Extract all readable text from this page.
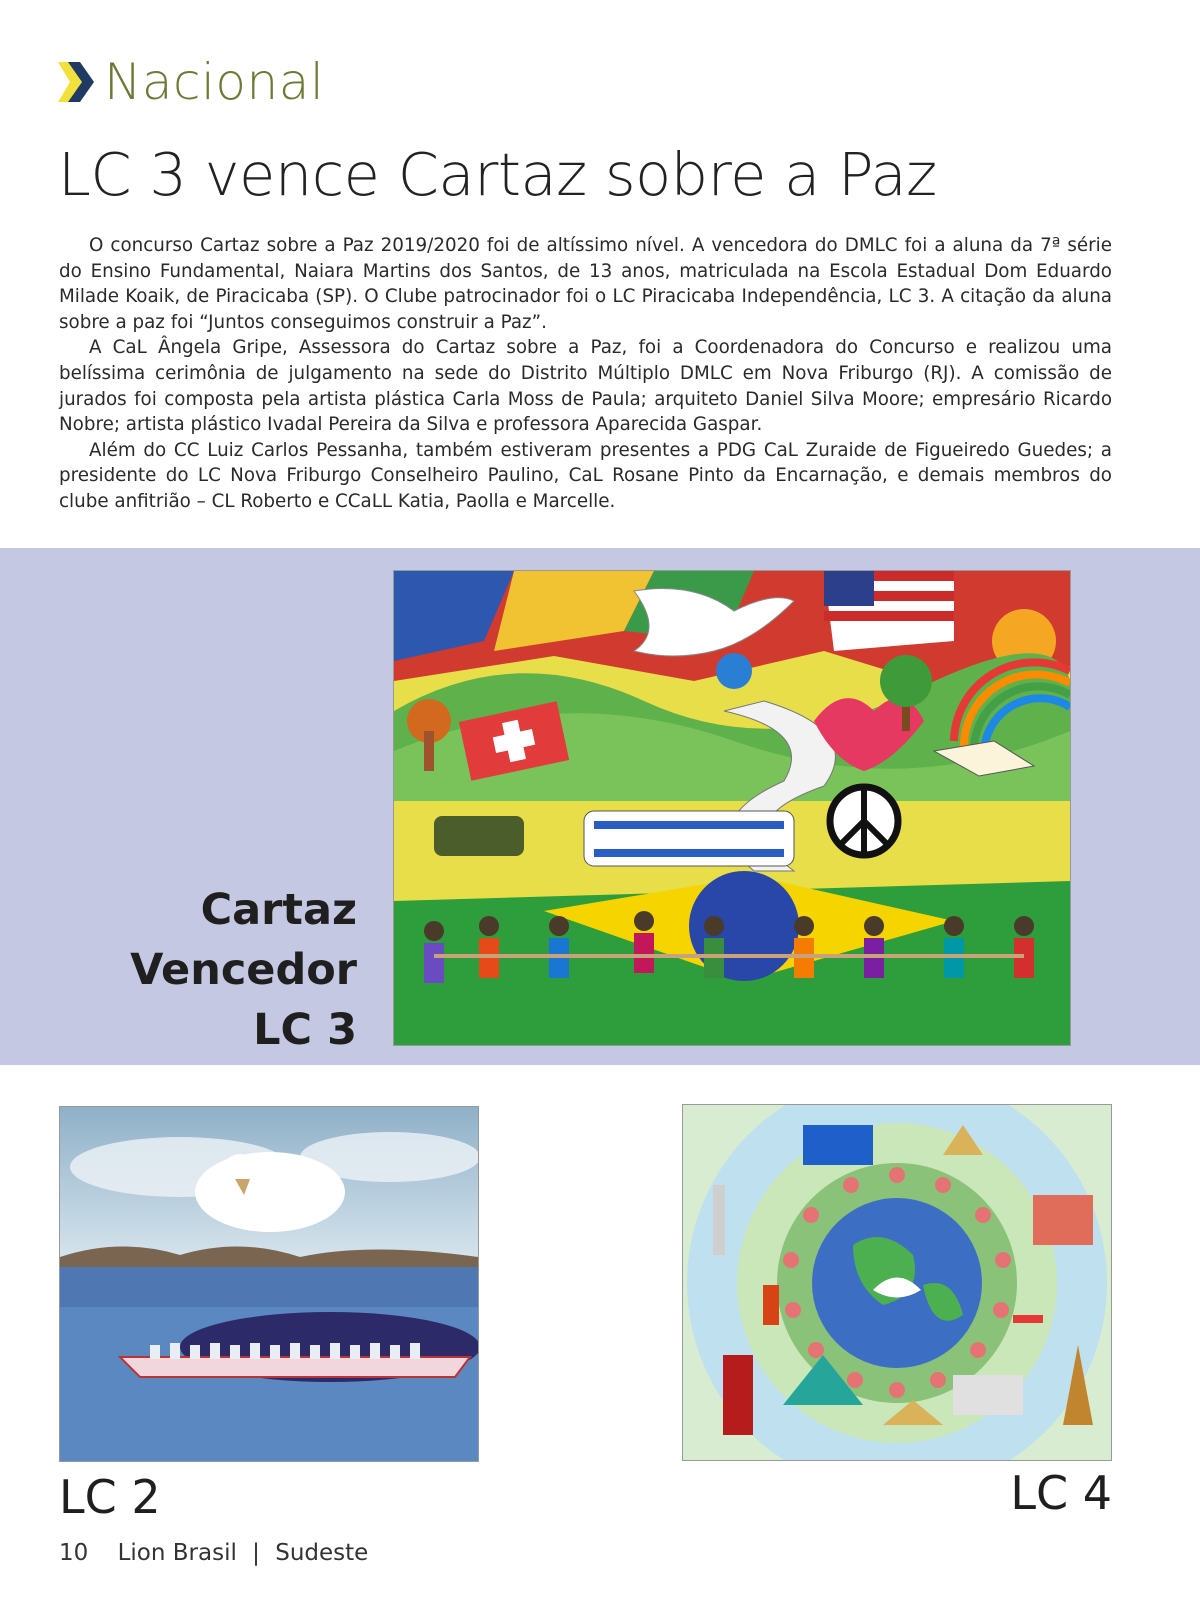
Nacional
LC 3 vence Cartaz sobre a Paz

O concurso Cartaz sobre a Paz 2019/2020 foi de altíssimo nível. A vencedora do DMLC foi a aluna da 7ª série do Ensino Fundamental, Naiara Martins dos Santos, de 13 anos, matriculada na Escola Estadual Dom Eduardo Milade Koaik, de Piracicaba (SP). O Clube patrocinador foi o LC Piracicaba Independência, LC 3. A citação da aluna sobre a paz foi “Juntos conseguimos construir a Paz”.

A CaL Ângela Gripe, Assessora do Cartaz sobre a Paz, foi a Coordenadora do Concurso e realizou uma belíssima cerimônia de julgamento na sede do Distrito Múltiplo DMLC em Nova Friburgo (RJ). A comissão de jurados foi composta pela artista plástica Carla Moss de Paula; arquiteto Daniel Silva Moore; empresário Ricardo Nobre; artista plástico Ivadal Pereira da Silva e professora Aparecida Gaspar.

Além do CC Luiz Carlos Pessanha, também estiveram presentes a PDG CaL Zuraide de Figueiredo Guedes; a presidente do LC Nova Friburgo Conselheiro Paulino, CaL Rosane Pinto da Encarnação, e demais membros do clube anfitrião – CL Roberto e CCaLL Katia, Paolla e Marcelle.

Cartaz
Vencedor
LC 3
LC 2	LC 4
10 Lion Brasil | Sudeste
